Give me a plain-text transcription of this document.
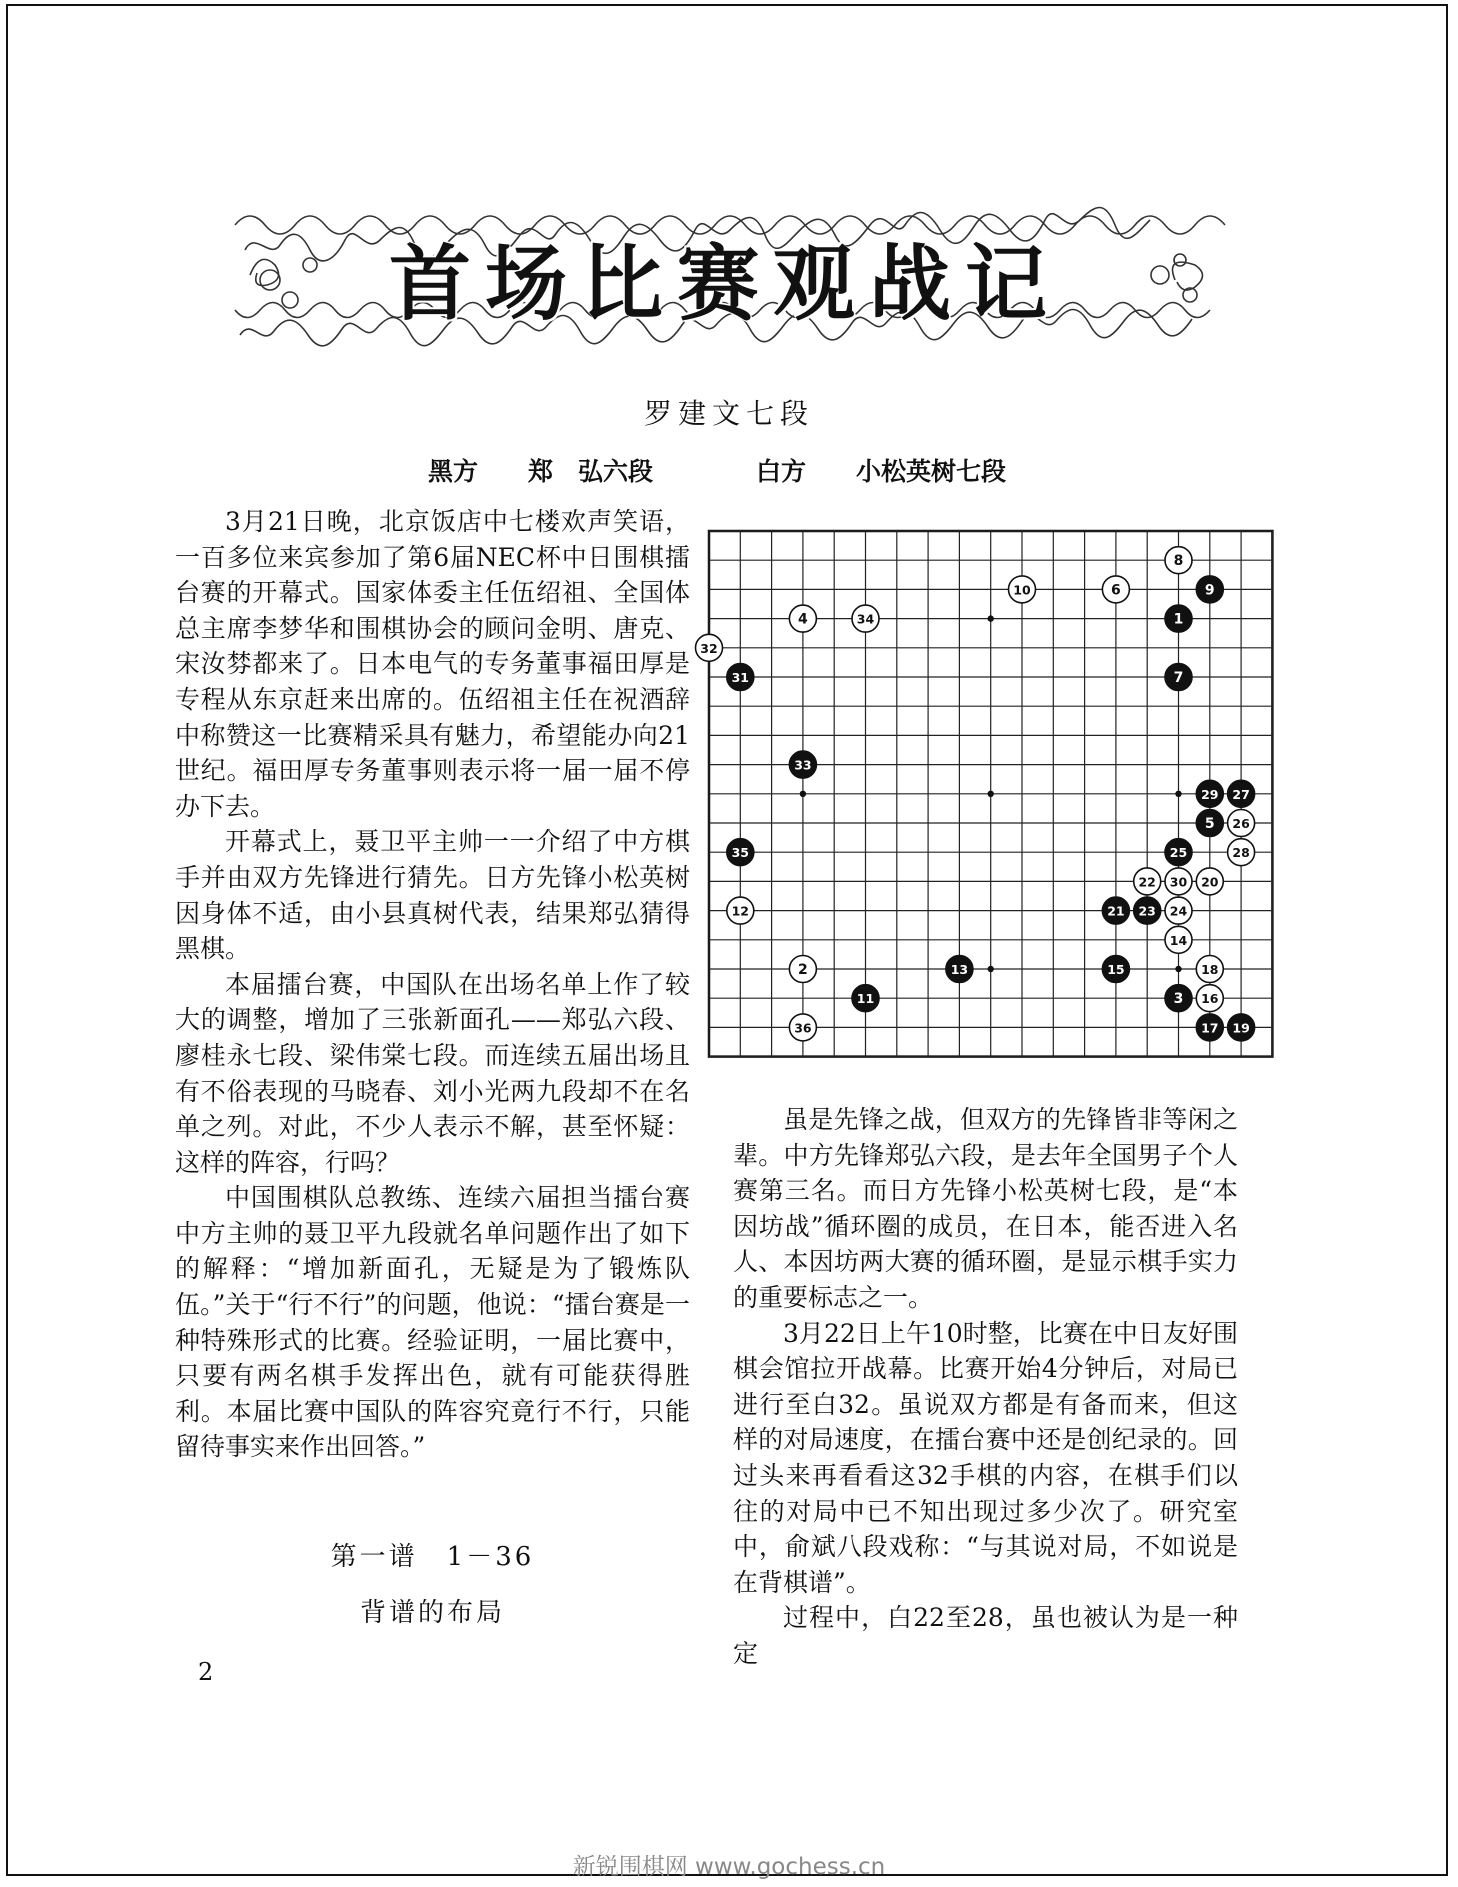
首场比赛观战记
罗建文七段
黑方 郑　弘六段	白方 小松英树七段

3月21日晚，北京饭店中七楼欢声笑语，一百多位来宾参加了第6届NEC杯中日围棋擂台赛的开幕式。国家体委主任伍绍祖、全国体总主席李梦华和围棋协会的顾问金明、唐克、宋汝棼都来了。日本电气的专务董事福田厚是专程从东京赶来出席的。伍绍祖主任在祝酒辞中称赞这一比赛精采具有魅力，希望能办向21世纪。福田厚专务董事则表示将一届一届不停办下去。

开幕式上，聂卫平主帅一一介绍了中方棋手并由双方先锋进行猜先。日方先锋小松英树因身体不适，由小县真树代表，结果郑弘猜得黑棋。

本届擂台赛，中国队在出场名单上作了较大的调整，增加了三张新面孔——郑弘六段、廖桂永七段、梁伟棠七段。而连续五届出场且有不俗表现的马晓春、刘小光两九段却不在名单之列。对此，不少人表示不解，甚至怀疑：这样的阵容，行吗？

中国围棋队总教练、连续六届担当擂台赛中方主帅的聂卫平九段就名单问题作出了如下的解释：“增加新面孔，无疑是为了锻炼队伍。”关于“行不行”的问题，他说：“擂台赛是一种特殊形式的比赛。经验证明，一届比赛中，只要有两名棋手发挥出色，就有可能获得胜利。本届比赛中国队的阵容究竟行不行，只能留待事实来作出回答。”

第一谱　1－36
背谱的布局
1
2
3
4
5
6
7
8
9
10
11
12
13
14
15
16
17
18
19
20
21
22
23 24
25
26
27
28
29
30
31
32
33
34
35
36

虽是先锋之战，但双方的先锋皆非等闲之辈。中方先锋郑弘六段，是去年全国男子个人赛第三名。而日方先锋小松英树七段，是“本因坊战”循环圈的成员，在日本，能否进入名人、本因坊两大赛的循环圈，是显示棋手实力的重要标志之一。

3月22日上午10时整，比赛在中日友好围棋会馆拉开战幕。比赛开始4分钟后，对局已进行至白32。虽说双方都是有备而来，但这样的对局速度，在擂台赛中还是创纪录的。回过头来再看看这32手棋的内容，在棋手们以往的对局中已不知出现过多少次了。研究室中，俞斌八段戏称：“与其说对局，不如说是在背棋谱”。

过程中，白22至28，虽也被认为是一种定

2
新锐围棋网 www.gochess.cn
